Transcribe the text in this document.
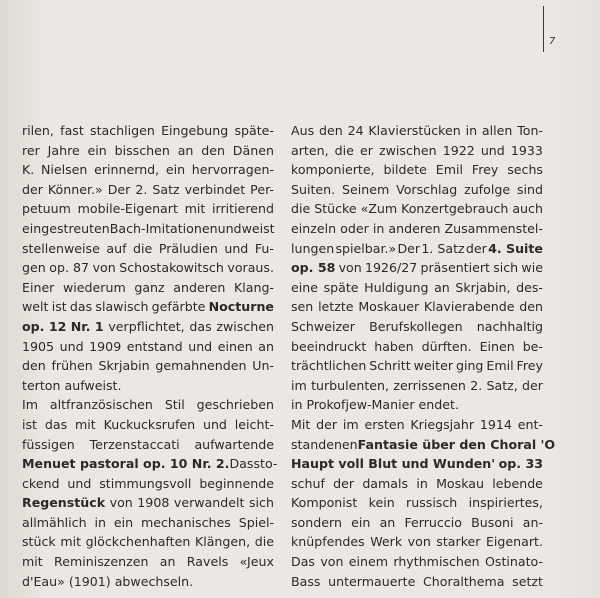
7
rilen, fast stachligen Eingebung späte-
rer Jahre ein bisschen an den Dänen
K. Nielsen erinnernd, ein hervorragen-
der Könner.» Der 2. Satz verbindet Per-
petuum mobile-Eigenart mit irritierend
eingestreuten Bach-Imitationen und weist
stellenweise auf die Präludien und Fu-
gen op. 87 von Schostakowitsch voraus.
Einer wiederum ganz anderen Klang-
welt ist das slawisch gefärbte Nocturne
op. 12 Nr. 1 verpflichtet, das zwischen
1905 und 1909 entstand und einen an
den frühen Skrjabin gemahnenden Un-
terton aufweist.
Im altfranzösischen Stil geschrieben
ist das mit Kuckucksrufen und leicht-
füssigen Terzenstaccati aufwartende
Menuet pastoral op. 10 Nr. 2. Das sto-
ckend und stimmungsvoll beginnende
Regenstück von 1908 verwandelt sich
allmählich in ein mechanisches Spiel-
stück mit glöckchenhaften Klängen, die
mit Reminiszenzen an Ravels «Jeux
d'Eau» (1901) abwechseln.
Aus den 24 Klavierstücken in allen Ton-
arten, die er zwischen 1922 und 1933
komponierte, bildete Emil Frey sechs
Suiten. Seinem Vorschlag zufolge sind
die Stücke «Zum Konzertgebrauch auch
einzeln oder in anderen Zusammenstel-
lungen spielbar.» Der 1. Satz der 4. Suite
op. 58 von 1926/27 präsentiert sich wie
eine späte Huldigung an Skrjabin, des-
sen letzte Moskauer Klavierabende den
Schweizer Berufskollegen nachhaltig
beeindruckt haben dürften. Einen be-
trächtlichen Schritt weiter ging Emil Frey
im turbulenten, zerrissenen 2. Satz, der
in Prokofjew-Manier endet.
Mit der im ersten Kriegsjahr 1914 ent-
standenen Fantasie über den Choral 'O
Haupt voll Blut und Wunden' op. 33
schuf der damals in Moskau lebende
Komponist kein russisch inspiriertes,
sondern ein an Ferruccio Busoni an-
knüpfendes Werk von starker Eigenart.
Das von einem rhythmischen Ostinato-
Bass untermauerte Choralthema setzt
